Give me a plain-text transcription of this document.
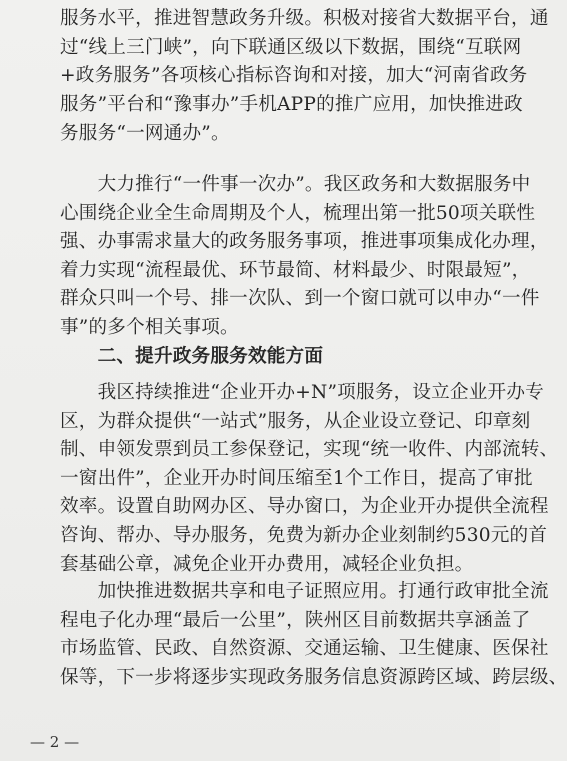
服务水平，推进智慧政务升级。积极对接省大数据平台，通
过“线上三门峡”，向下联通区级以下数据，围绕“互联网
+政务服务”各项核心指标咨询和对接，加大“河南省政务
服务”平台和“豫事办”手机APP的推广应用，加快推进政
务服务“一网通办”。
　　大力推行“一件事一次办”。我区政务和大数据服务中
心围绕企业全生命周期及个人，梳理出第一批50项关联性
强、办事需求量大的政务服务事项，推进事项集成化办理，
着力实现“流程最优、环节最简、材料最少、时限最短”，
群众只叫一个号、排一次队、到一个窗口就可以申办“一件
事”的多个相关事项。
　　二、提升政务服务效能方面
　　我区持续推进“企业开办+N”项服务，设立企业开办专
区，为群众提供“一站式”服务，从企业设立登记、印章刻
制、申领发票到员工参保登记，实现“统一收件、内部流转、
一窗出件”，企业开办时间压缩至1个工作日，提高了审批
效率。设置自助网办区、导办窗口，为企业开办提供全流程
咨询、帮办、导办服务，免费为新办企业刻制约530元的首
套基础公章，减免企业开办费用，减轻企业负担。
　　加快推进数据共享和电子证照应用。打通行政审批全流
程电子化办理“最后一公里”，陕州区目前数据共享涵盖了
市场监管、民政、自然资源、交通运输、卫生健康、医保社
保等，下一步将逐步实现政务服务信息资源跨区域、跨层级、
— 2 —
